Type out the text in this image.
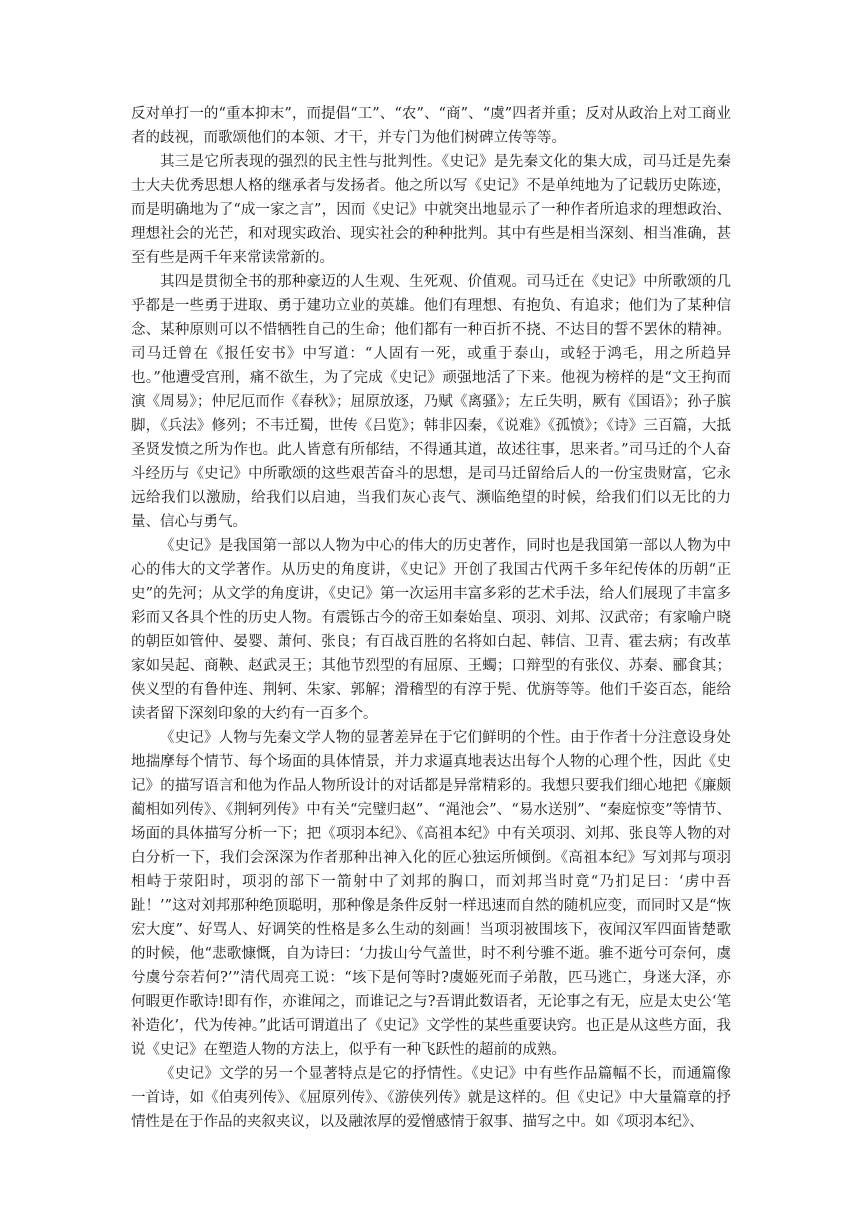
反对单打一的“重本抑末”，而提倡“工”、“农”、“商”、“虞”四者并重；反对从政治上对工商业者的歧视，而歌颂他们的本领、才干，并专门为他们树碑立传等等。

其三是它所表现的强烈的民主性与批判性。《史记》是先秦文化的集大成，司马迁是先秦士大夫优秀思想人格的继承者与发扬者。他之所以写《史记》不是单纯地为了记载历史陈迹，而是明确地为了“成一家之言”，因而《史记》中就突出地显示了一种作者所追求的理想政治、理想社会的光芒，和对现实政治、现实社会的种种批判。其中有些是相当深刻、相当准确，甚至有些是两千年来常读常新的。

其四是贯彻全书的那种豪迈的人生观、生死观、价值观。司马迁在《史记》中所歌颂的几乎都是一些勇于进取、勇于建功立业的英雄。他们有理想、有抱负、有追求；他们为了某种信念、某种原则可以不惜牺牲自己的生命；他们都有一种百折不挠、不达目的誓不罢休的精神。司马迁曾在《报任安书》中写道：“人固有一死，或重于泰山，或轻于鸿毛，用之所趋异也。”他遭受宫刑，痛不欲生，为了完成《史记》顽强地活了下来。他视为榜样的是“文王拘而演《周易》；仲尼厄而作《春秋》；屈原放逐，乃赋《离骚》；左丘失明，厥有《国语》；孙子膑脚，《兵法》修列；不韦迁蜀，世传《吕览》；韩非囚秦，《说难》《孤愤》；《诗》三百篇，大抵圣贤发愤之所为作也。此人皆意有所郁结，不得通其道，故述往事，思来者。”司马迁的个人奋斗经历与《史记》中所歌颂的这些艰苦奋斗的思想，是司马迁留给后人的一份宝贵财富，它永远给我们以激励，给我们以启迪，当我们灰心丧气、濒临绝望的时候，给我们们以无比的力量、信心与勇气。

《史记》是我国第一部以人物为中心的伟大的历史著作，同时也是我国第一部以人物为中心的伟大的文学著作。从历史的角度讲，《史记》开创了我国古代两千多年纪传体的历朝“正史”的先河；从文学的角度讲，《史记》第一次运用丰富多彩的艺术手法，给人们展现了丰富多彩而又各具个性的历史人物。有震铄古今的帝王如秦始皇、项羽、刘邦、汉武帝；有家喻户晓的朝臣如管仲、晏婴、萧何、张良；有百战百胜的名将如白起、韩信、卫青、霍去病；有改革家如吴起、商鞅、赵武灵王；其他节烈型的有屈原、王蠋；口辩型的有张仪、苏秦、郦食其；侠义型的有鲁仲连、荆轲、朱家、郭解；滑稽型的有淳于髡、优旃等等。他们千姿百态，能给读者留下深刻印象的大约有一百多个。

《史记》人物与先秦文学人物的显著差异在于它们鲜明的个性。由于作者十分注意设身处地揣摩每个情节、每个场面的具体情景，并力求逼真地表达出每个人物的心理个性，因此《史记》的描写语言和他为作品人物所设计的对话都是异常精彩的。我想只要我们细心地把《廉颇蔺相如列传》、《荆轲列传》中有关“完璧归赵”、“渑池会”、“易水送别”、“秦庭惊变”等情节、场面的具体描写分析一下；把《项羽本纪》、《高祖本纪》中有关项羽、刘邦、张良等人物的对白分析一下，我们会深深为作者那种出神入化的匠心独运所倾倒。《高祖本纪》写刘邦与项羽相峙于荥阳时，项羽的部下一箭射中了刘邦的胸口，而刘邦当时竟“乃扪足曰：‘虏中吾趾！’”这对刘邦那种绝顶聪明，那种像是条件反射一样迅速而自然的随机应变，而同时又是“恢宏大度”、好骂人、好调笑的性格是多么生动的刻画！当项羽被围垓下，夜闻汉军四面皆楚歌的时候，他“悲歌慷慨，自为诗曰：‘力拔山兮气盖世，时不利兮骓不逝。骓不逝兮可奈何，虞兮虞兮奈若何?’”清代周亮工说：“垓下是何等时?虞姬死而子弟散，匹马逃亡，身迷大泽，亦何暇更作歌诗!即有作，亦谁闻之，而谁记之与?吾谓此数语者，无论事之有无，应是太史公‘笔补造化’，代为传神。”此话可谓道出了《史记》文学性的某些重要诀窍。也正是从这些方面，我说《史记》在塑造人物的方法上，似乎有一种飞跃性的超前的成熟。

《史记》文学的另一个显著特点是它的抒情性。《史记》中有些作品篇幅不长，而通篇像一首诗，如《伯夷列传》、《屈原列传》、《游侠列传》就是这样的。但《史记》中大量篇章的抒情性是在于作品的夹叙夹议，以及融浓厚的爱憎感情于叙事、描写之中。如《项羽本纪》、
